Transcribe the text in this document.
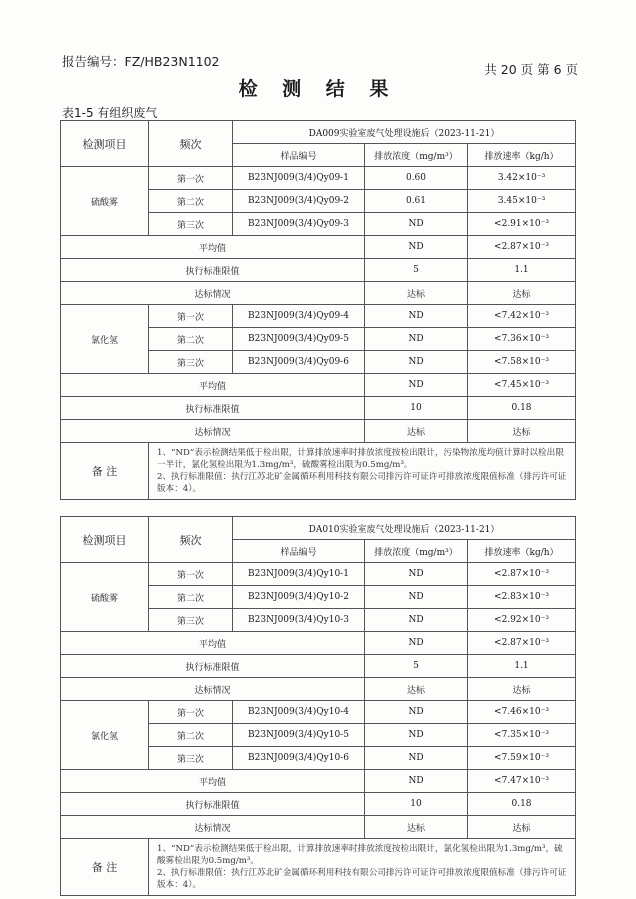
报告编号：FZ/HB23N1102
共 20 页 第 6 页
检 测 结 果
表1-5 有组织废气
检测项目	频次	DA009实验室废气处理设施后（2023-11-21）		
		样品编号	排放浓度（mg/m³）	排放速率（kg/h）
硫酸雾	第一次	B23NJ009(3/4)Qy09-1	0.60	3.42×10⁻³
	第二次	B23NJ009(3/4)Qy09-2	0.61	3.45×10⁻³
	第三次	B23NJ009(3/4)Qy09-3	ND	<2.91×10⁻³
平均值			ND	<2.87×10⁻³
执行标准限值			5	1.1
达标情况			达标	达标
氯化氢	第一次	B23NJ009(3/4)Qy09-4	ND	<7.42×10⁻³
	第二次	B23NJ009(3/4)Qy09-5	ND	<7.36×10⁻³
	第三次	B23NJ009(3/4)Qy09-6	ND	<7.58×10⁻³
平均值			ND	<7.45×10⁻³
执行标准限值			10	0.18
达标情况			达标	达标
备 注	1、“ND”表示检测结果低于检出限，计算排放速率时排放浓度按检出限计，污染物浓度均值计算时以检出限一半计，氯化氢检出限为1.3mg/m³，硫酸雾检出限为0.5mg/m³。
2、执行标准限值：执行江苏北矿金属循环利用科技有限公司排污许可证许可排放浓度限值标准（排污许可证版本：4）。			
检测项目	频次	DA010实验室废气处理设施后（2023-11-21）		
		样品编号	排放浓度（mg/m³）	排放速率（kg/h）
硫酸雾	第一次	B23NJ009(3/4)Qy10-1	ND	<2.87×10⁻³
	第二次	B23NJ009(3/4)Qy10-2	ND	<2.83×10⁻³
	第三次	B23NJ009(3/4)Qy10-3	ND	<2.92×10⁻³
平均值			ND	<2.87×10⁻³
执行标准限值			5	1.1
达标情况			达标	达标
氯化氢	第一次	B23NJ009(3/4)Qy10-4	ND	<7.46×10⁻³
	第二次	B23NJ009(3/4)Qy10-5	ND	<7.35×10⁻³
	第三次	B23NJ009(3/4)Qy10-6	ND	<7.59×10⁻³
平均值			ND	<7.47×10⁻³
执行标准限值			10	0.18
达标情况			达标	达标
备 注	1、“ND”表示检测结果低于检出限，计算排放速率时排放浓度按检出限计，氯化氢检出限为1.3mg/m³，硫酸雾检出限为0.5mg/m³。
2、执行标准限值：执行江苏北矿金属循环利用科技有限公司排污许可证许可排放浓度限值标准（排污许可证版本：4）。			
